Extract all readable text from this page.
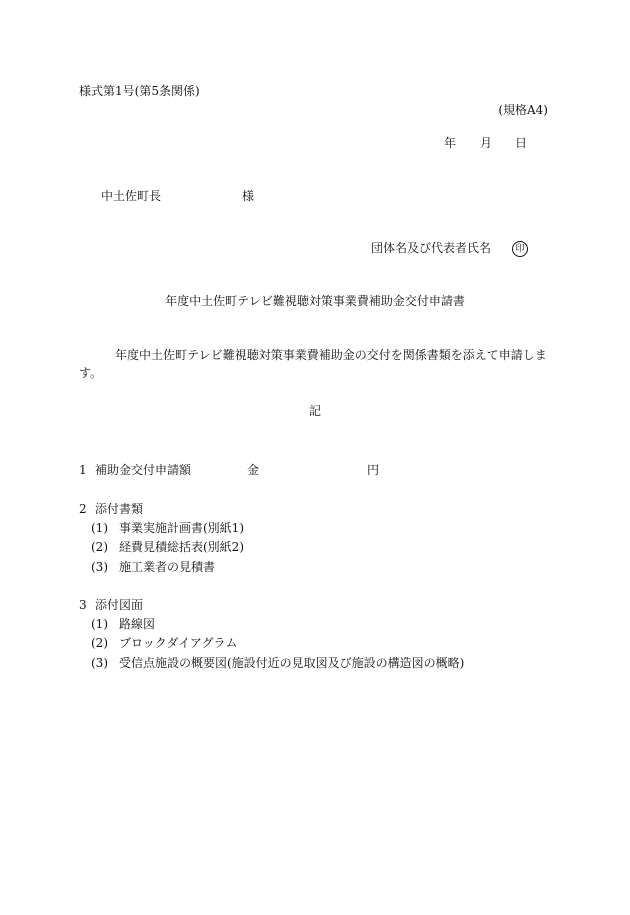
様式第1号(第5条関係)
(規格A4)
年 月 日
中土佐町長	様
団体名及び代表者氏名	印
年度中土佐町テレビ難視聴対策事業費補助金交付申請書
　　　年度中土佐町テレビ難視聴対策事業費補助金の交付を関係書類を添えて申請します。
記
1 補助金交付申請額	金	円
2 添付書類
(1) 事業実施計画書(別紙1)
(2) 経費見積総括表(別紙2)
(3) 施工業者の見積書
3 添付図面
(1) 路線図
(2) ブロックダイアグラム
(3) 受信点施設の概要図(施設付近の見取図及び施設の構造図の概略)
